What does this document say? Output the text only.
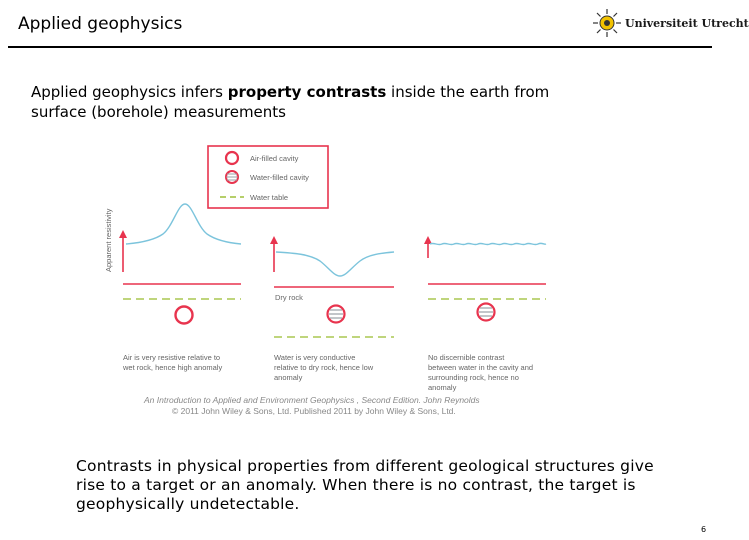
Applied geophysics	Universiteit Utrecht
Applied geophysics infers property contrasts inside the earth from surface (borehole) measurements
Air-filled cavity
Water-filled cavity
Water table
Apparent resistivity
Air is very resistive relative to
wet rock, hence high anomaly
Dry rock
Water is very conductive
relative to dry rock, hence low
anomaly
No discernible contrast
between water in the cavity and
surrounding rock, hence no
anomaly
An Introduction to Applied and Environment Geophysics , Second Edition. John Reynolds
© 2011 John Wiley & Sons, Ltd. Published 2011 by John Wiley & Sons, Ltd.
Contrasts in physical properties from different geological structures give rise to a target or an anomaly. When there is no contrast, the target is geophysically undetectable.
6
